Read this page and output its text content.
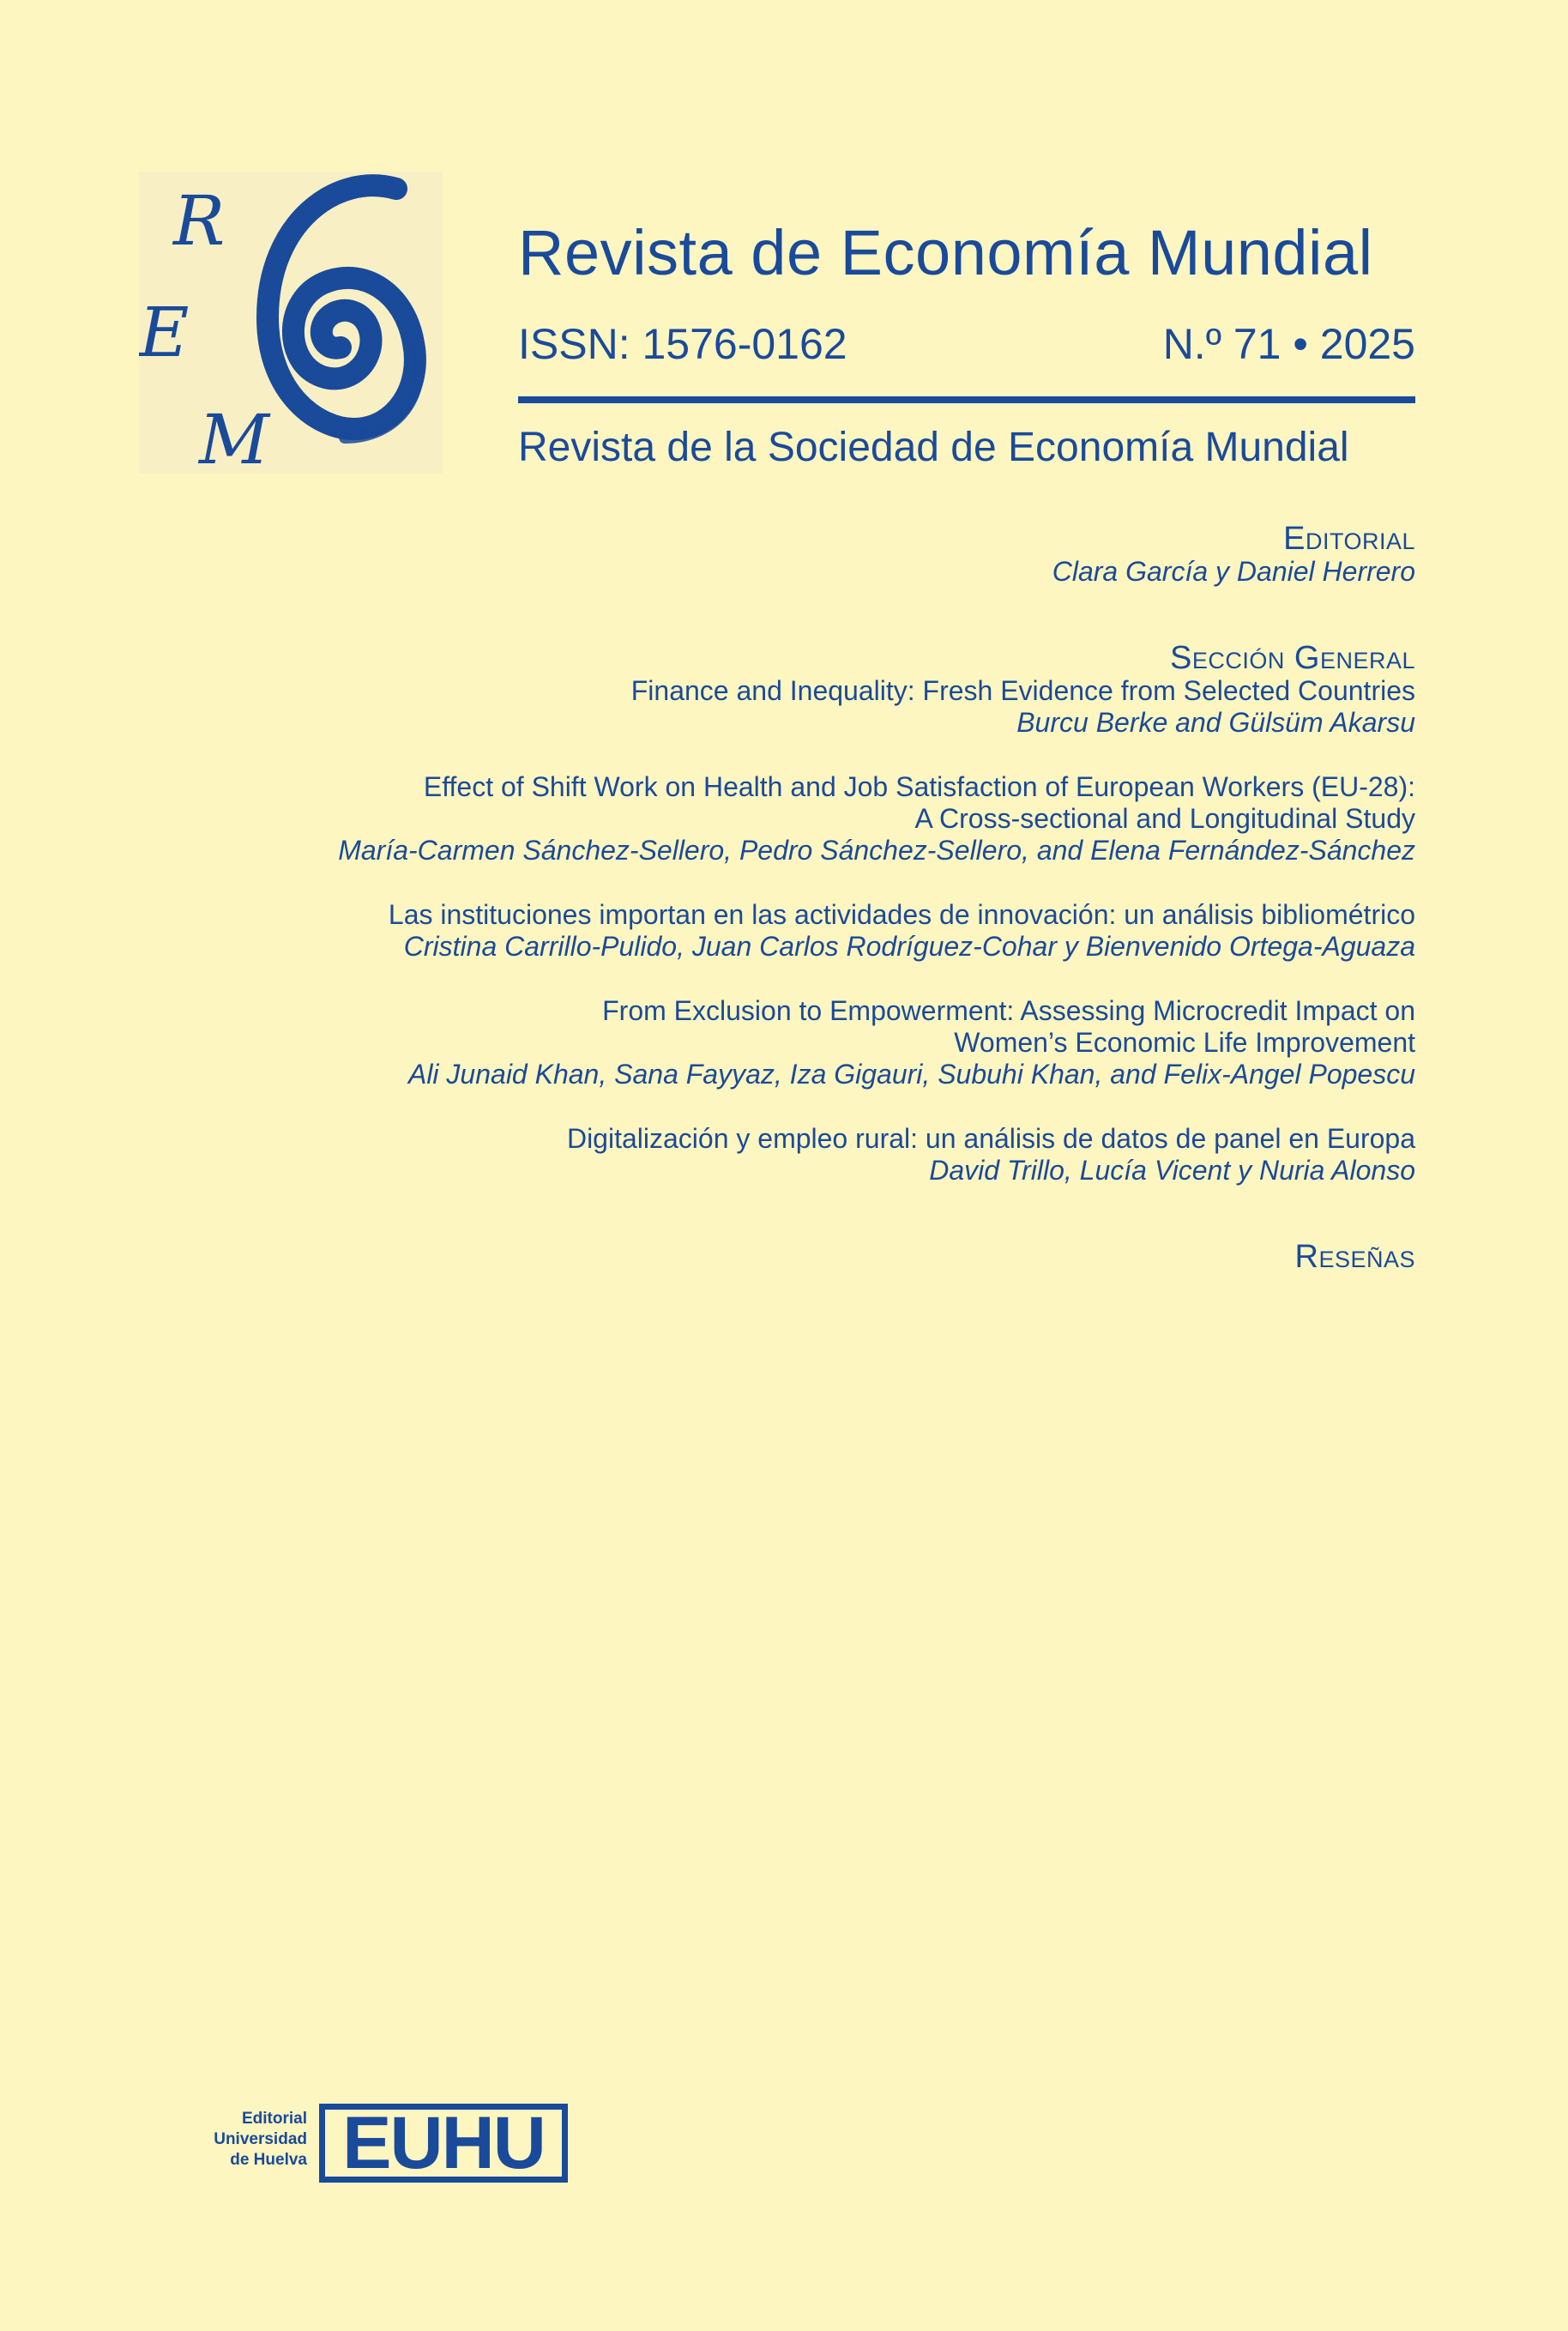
R
E
M
Revista de Economía Mundial
ISSN: 1576-0162	N.º 71 • 2025
Revista de la Sociedad de Economía Mundial
Editorial
Clara García y Daniel Herrero
Sección General
Finance and Inequality: Fresh Evidence from Selected Countries
Burcu Berke and Gülsüm Akarsu
Effect of Shift Work on Health and Job Satisfaction of European Workers (EU-28):
A Cross-sectional and Longitudinal Study
María-Carmen Sánchez-Sellero, Pedro Sánchez-Sellero, and Elena Fernández-Sánchez
Las instituciones importan en las actividades de innovación: un análisis bibliométrico
Cristina Carrillo-Pulido, Juan Carlos Rodríguez-Cohar y Bienvenido Ortega-Aguaza
From Exclusion to Empowerment: Assessing Microcredit Impact on
Women’s Economic Life Improvement
Ali Junaid Khan, Sana Fayyaz, Iza Gigauri, Subuhi Khan, and Felix-Angel Popescu
Digitalización y empleo rural: un análisis de datos de panel en Europa
David Trillo, Lucía Vicent y Nuria Alonso
Reseñas
Editorial
Universidad
de Huelva EUHU
